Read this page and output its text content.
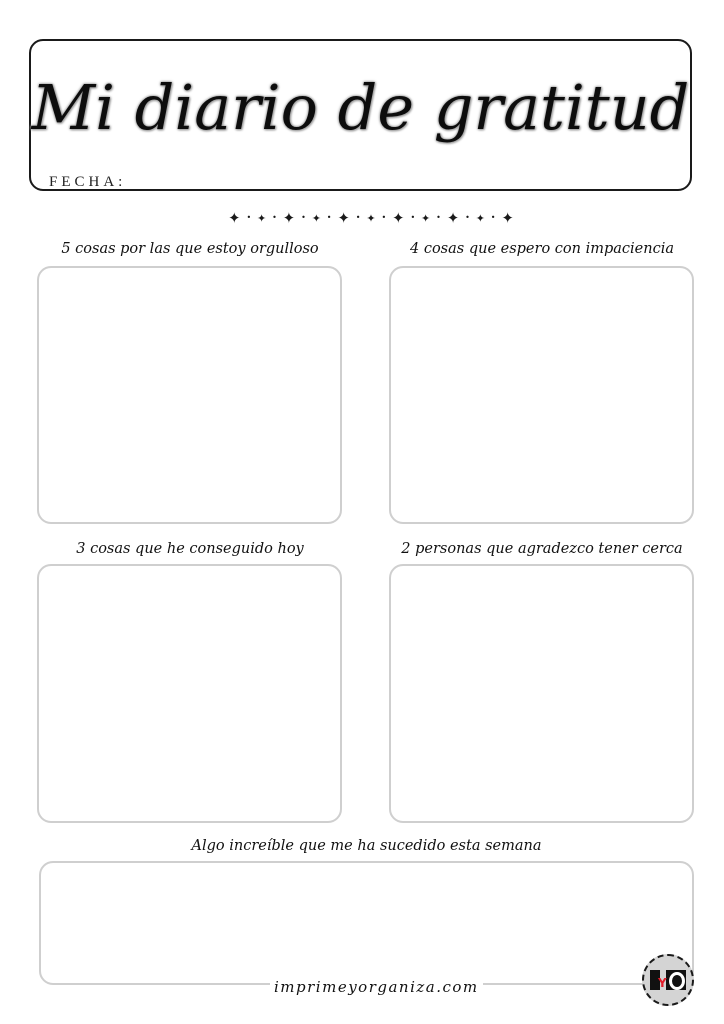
Mi diario de gratitud
FECHA:
✦ • ✦ • ✦ • ✦ • ✦ • ✦ • ✦ • ✦ • ✦ • ✦ • ✦
5 cosas por las que estoy orgulloso	4 cosas que espero con impaciencia
3 cosas que he conseguido hoy	2 personas que agradezco tener cerca
Algo increíble que me ha sucedido esta semana
imprimeyorganiza.com	Y
